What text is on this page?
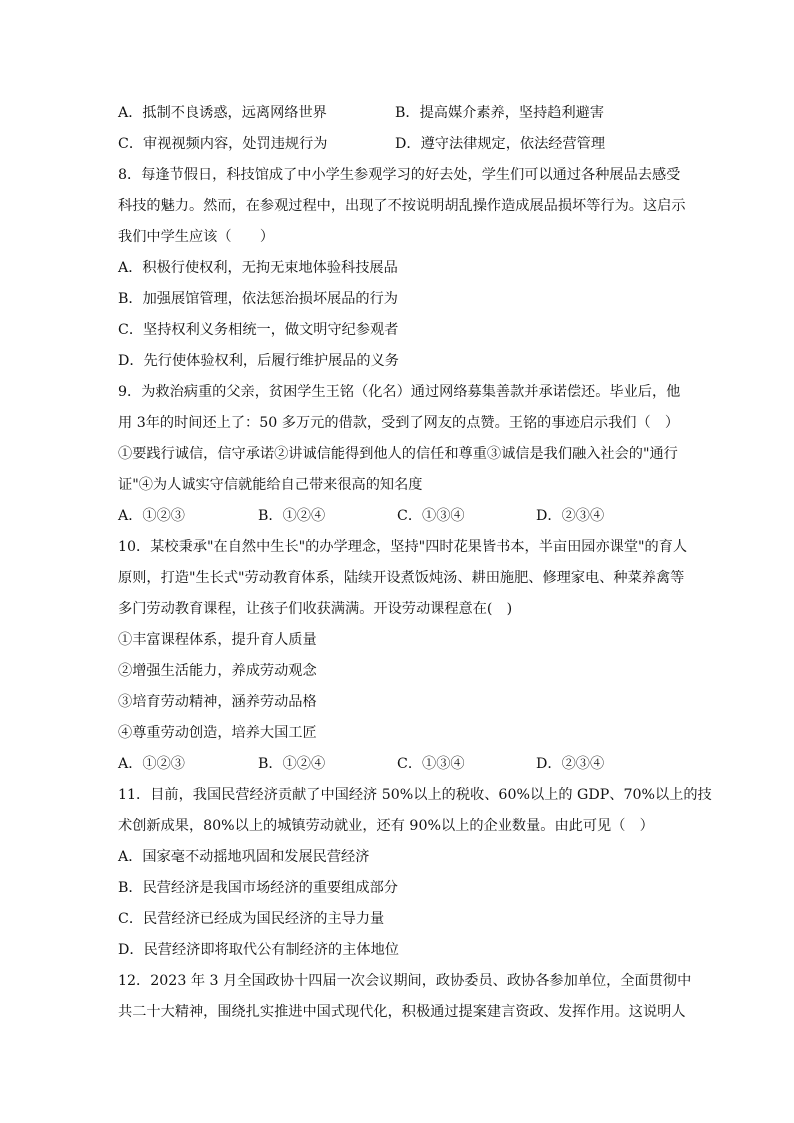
A．抵制不良诱惑，远离网络世界	B．提高媒介素养，坚持趋利避害
C．审视视频内容，处罚违规行为	D．遵守法律规定，依法经营管理
8．每逢节假日，科技馆成了中小学生参观学习的好去处，学生们可以通过各种展品去感受
科技的魅力。然而，在参观过程中，出现了不按说明胡乱操作造成展品损坏等行为。这启示
我们中学生应该（　　）
A．积极行使权利，无拘无束地体验科技展品
B．加强展馆管理，依法惩治损坏展品的行为
C．坚持权利义务相统一，做文明守纪参观者
D．先行使体验权利，后履行维护展品的义务
9．为救治病重的父亲，贫困学生王铭（化名）通过网络募集善款并承诺偿还。毕业后，他
用 3年的时间还上了：50 多万元的借款，受到了网友的点赞。王铭的事迹启示我们（　）
①要践行诚信，信守承诺②讲诚信能得到他人的信任和尊重③诚信是我们融入社会的"通行
证"④为人诚实守信就能给自己带来很高的知名度
A．①②③	B．①②④	C．①③④	D．②③④
10．某校秉承"在自然中生长"的办学理念，坚持"四时花果皆书本，半亩田园亦课堂"的育人
原则，打造"生长式"劳动教育体系，陆续开设煮饭炖汤、耕田施肥、修理家电、种菜养禽等
多门劳动教育课程，让孩子们收获满满。开设劳动课程意在(　)
①丰富课程体系，提升育人质量
②增强生活能力，养成劳动观念
③培育劳动精神，涵养劳动品格
④尊重劳动创造，培养大国工匠
A．①②③	B．①②④	C．①③④	D．②③④
11．目前，我国民营经济贡献了中国经济 50%以上的税收、60%以上的 GDP、70%以上的技
术创新成果，80%以上的城镇劳动就业，还有 90%以上的企业数量。由此可见（　）
A．国家毫不动摇地巩固和发展民营经济
B．民营经济是我国市场经济的重要组成部分
C．民营经济已经成为国民经济的主导力量
D．民营经济即将取代公有制经济的主体地位
12．2023 年 3 月全国政协十四届一次会议期间，政协委员、政协各参加单位，全面贯彻中
共二十大精神，围绕扎实推进中国式现代化，积极通过提案建言资政、发挥作用。这说明人
